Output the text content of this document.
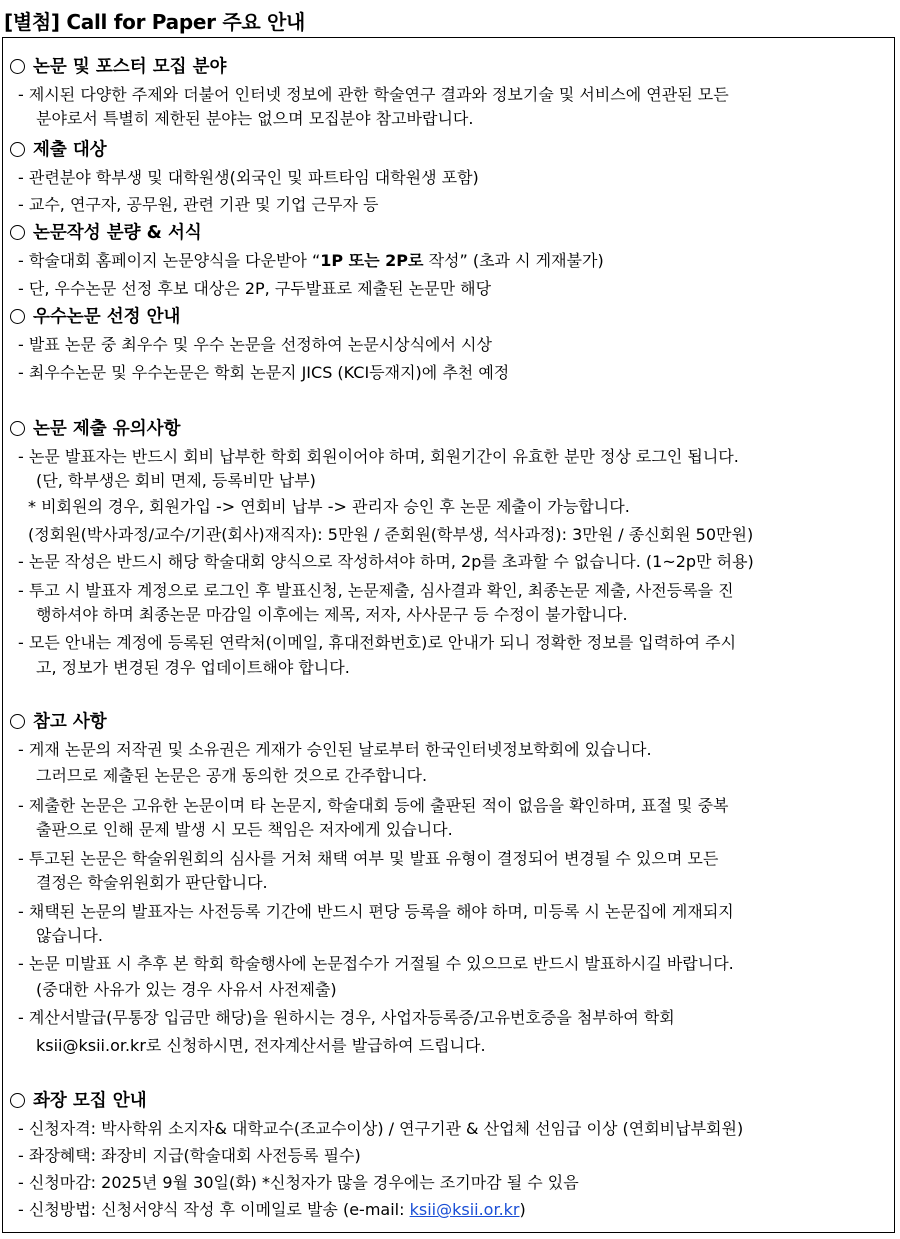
[별첨] Call for Paper 주요 안내
논문 및 포스터 모집 분야
- 제시된 다양한 주제와 더불어 인터넷 정보에 관한 학술연구 결과와 정보기술 및 서비스에 연관된 모든
분야로서 특별히 제한된 분야는 없으며 모집분야 참고바랍니다.
제출 대상
- 관련분야 학부생 및 대학원생(외국인 및 파트타임 대학원생 포함)
- 교수, 연구자, 공무원, 관련 기관 및 기업 근무자 등
논문작성 분량 & 서식
- 학술대회 홈페이지 논문양식을 다운받아 “1P 또는 2P로 작성” (초과 시 게재불가)
- 단, 우수논문 선정 후보 대상은 2P, 구두발표로 제출된 논문만 해당
우수논문 선정 안내
- 발표 논문 중 최우수 및 우수 논문을 선정하여 논문시상식에서 시상
- 최우수논문 및 우수논문은 학회 논문지 JICS (KCI등재지)에 추천 예정
논문 제출 유의사항
- 논문 발표자는 반드시 회비 납부한 학회 회원이어야 하며, 회원기간이 유효한 분만 정상 로그인 됩니다.
(단, 학부생은 회비 면제, 등록비만 납부)
* 비회원의 경우, 회원가입 -> 연회비 납부 -> 관리자 승인 후 논문 제출이 가능합니다.
(정회원(박사과정/교수/기관(회사)재직자): 5만원 / 준회원(학부생, 석사과정): 3만원 / 종신회원 50만원)
- 논문 작성은 반드시 해당 학술대회 양식으로 작성하셔야 하며, 2p를 초과할 수 없습니다. (1~2p만 허용)
- 투고 시 발표자 계정으로 로그인 후 발표신청, 논문제출, 심사결과 확인, 최종논문 제출, 사전등록을 진
행하셔야 하며 최종논문 마감일 이후에는 제목, 저자, 사사문구 등 수정이 불가합니다.
- 모든 안내는 계정에 등록된 연락처(이메일, 휴대전화번호)로 안내가 되니 정확한 정보를 입력하여 주시
고, 정보가 변경된 경우 업데이트해야 합니다.
참고 사항
- 게재 논문의 저작권 및 소유권은 게재가 승인된 날로부터 한국인터넷정보학회에 있습니다.
그러므로 제출된 논문은 공개 동의한 것으로 간주합니다.
- 제출한 논문은 고유한 논문이며 타 논문지, 학술대회 등에 출판된 적이 없음을 확인하며, 표절 및 중복
출판으로 인해 문제 발생 시 모든 책임은 저자에게 있습니다.
- 투고된 논문은 학술위원회의 심사를 거쳐 채택 여부 및 발표 유형이 결정되어 변경될 수 있으며 모든
결정은 학술위원회가 판단합니다.
- 채택된 논문의 발표자는 사전등록 기간에 반드시 편당 등록을 해야 하며, 미등록 시 논문집에 게재되지
않습니다.
- 논문 미발표 시 추후 본 학회 학술행사에 논문접수가 거절될 수 있으므로 반드시 발표하시길 바랍니다.
(중대한 사유가 있는 경우 사유서 사전제출)
- 계산서발급(무통장 입금만 해당)을 원하시는 경우, 사업자등록증/고유번호증을 첨부하여 학회
ksii@ksii.or.kr로 신청하시면, 전자계산서를 발급하여 드립니다.
좌장 모집 안내
- 신청자격: 박사학위 소지자& 대학교수(조교수이상) / 연구기관 & 산업체 선임급 이상 (연회비납부회원)
- 좌장혜택: 좌장비 지급(학술대회 사전등록 필수)
- 신청마감: 2025년 9월 30일(화) *신청자가 많을 경우에는 조기마감 될 수 있음
- 신청방법: 신청서양식 작성 후 이메일로 발송 (e-mail: ksii@ksii.or.kr)
